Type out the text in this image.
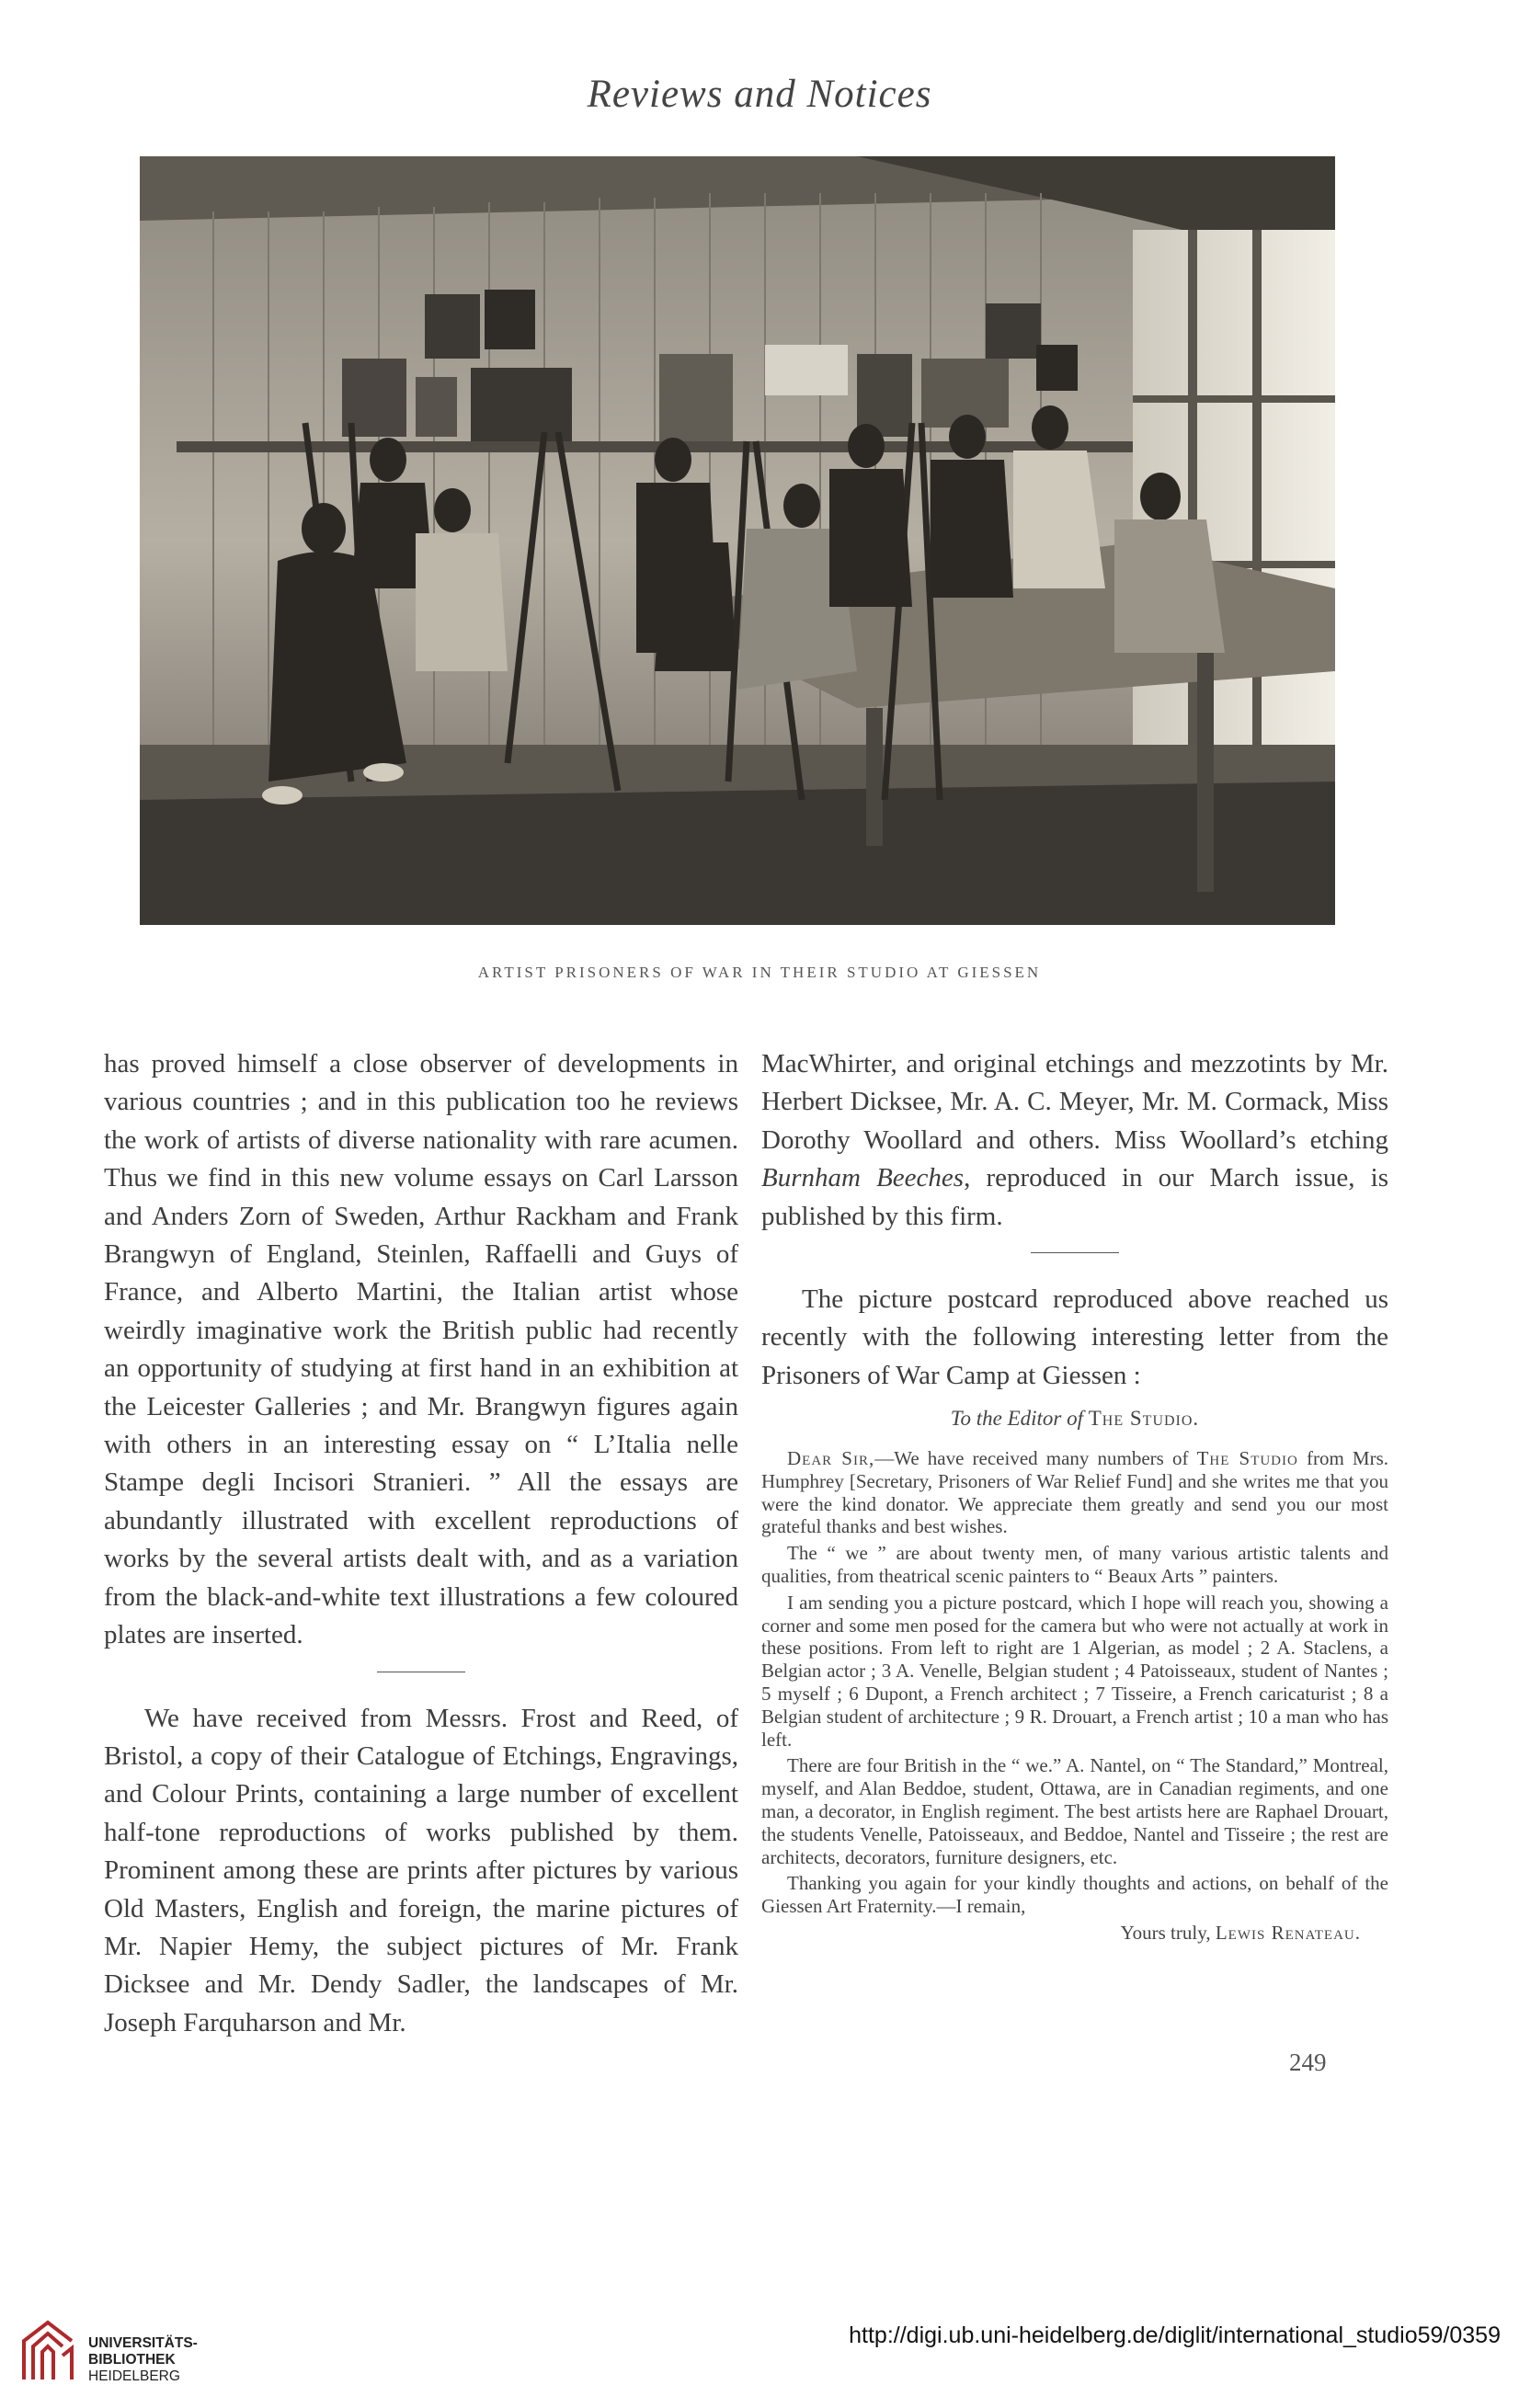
Reviews and Notices
ARTIST PRISONERS OF WAR IN THEIR STUDIO AT GIESSEN

has proved himself a close observer of developments in various countries ; and in this publication too he reviews the work of artists of diverse nationality with rare acumen. Thus we find in this new volume essays on Carl Larsson and Anders Zorn of Sweden, Arthur Rackham and Frank Brangwyn of England, Steinlen, Raffaelli and Guys of France, and Alberto Martini, the Italian artist whose weirdly imaginative work the British public had recently an opportunity of studying at first hand in an exhibition at the Leicester Galleries ; and Mr. Brangwyn figures again with others in an interesting essay on “ L’Italia nelle Stampe degli Incisori Stranieri. ” All the essays are abundantly illustrated with excellent reproductions of works by the several artists dealt with, and as a variation from the black-and-white text illustrations a few coloured plates are inserted.

We have received from Messrs. Frost and Reed, of Bristol, a copy of their Catalogue of Etchings, Engravings, and Colour Prints, containing a large number of excellent half-tone reproductions of works published by them. Prominent among these are prints after pictures by various Old Masters, English and foreign, the marine pictures of Mr. Napier Hemy, the subject pictures of Mr. Frank Dicksee and Mr. Dendy Sadler, the landscapes of Mr. Joseph Farquharson and Mr.

MacWhirter, and original etchings and mezzotints by Mr. Herbert Dicksee, Mr. A. C. Meyer, Mr. M. Cormack, Miss Dorothy Woollard and others. Miss Woollard’s etching Burnham Beeches, reproduced in our March issue, is published by this firm.

The picture postcard reproduced above reached us recently with the following interesting letter from the Prisoners of War Camp at Giessen :

To the Editor of The Studio.

Dear Sir,—We have received many numbers of The Studio from Mrs. Humphrey [Secretary, Prisoners of War Relief Fund] and she writes me that you were the kind donator. We appreciate them greatly and send you our most grateful thanks and best wishes.

The “ we ” are about twenty men, of many various artistic talents and qualities, from theatrical scenic painters to “ Beaux Arts ” painters.

I am sending you a picture postcard, which I hope will reach you, showing a corner and some men posed for the camera but who were not actually at work in these positions. From left to right are 1 Algerian, as model ; 2 A. Staclens, a Belgian actor ; 3 A. Venelle, Belgian student ; 4 Patoisseaux, student of Nantes ; 5 myself ; 6 Dupont, a French architect ; 7 Tisseire, a French caricaturist ; 8 a Belgian student of architecture ; 9 R. Drouart, a French artist ; 10 a man who has left.

There are four British in the “ we.” A. Nantel, on “ The Standard,” Montreal, myself, and Alan Beddoe, student, Ottawa, are in Canadian regiments, and one man, a decorator, in English regiment. The best artists here are Raphael Drouart, the students Venelle, Patoisseaux, and Beddoe, Nantel and Tisseire ; the rest are architects, decorators, furniture designers, etc.

Thanking you again for your kindly thoughts and actions, on behalf of the Giessen Art Fraternity.—I remain,

Yours truly, Lewis Renateau.

249
UNIVERSITÄTS-
BIBLIOTHEK
HEIDELBERG
http://digi.ub.uni-heidelberg.de/diglit/international_studio59/0359
